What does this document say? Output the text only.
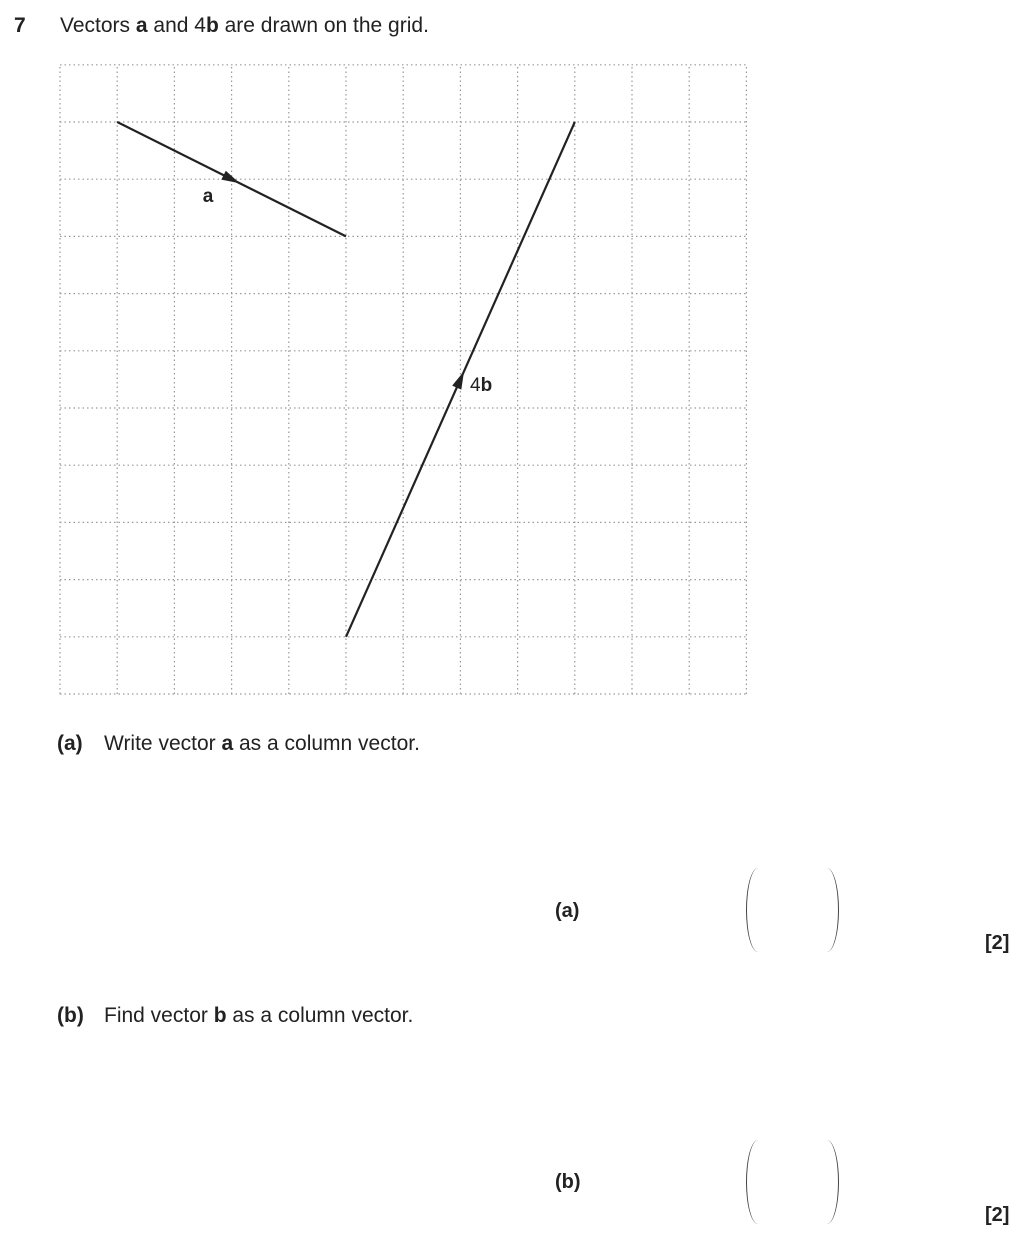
7 Vectors a and 4b are drawn on the grid.
a
4b
(a) Write vector a as a column vector.
(a)
[2]
(b) Find vector b as a column vector.
(b)
[2]
